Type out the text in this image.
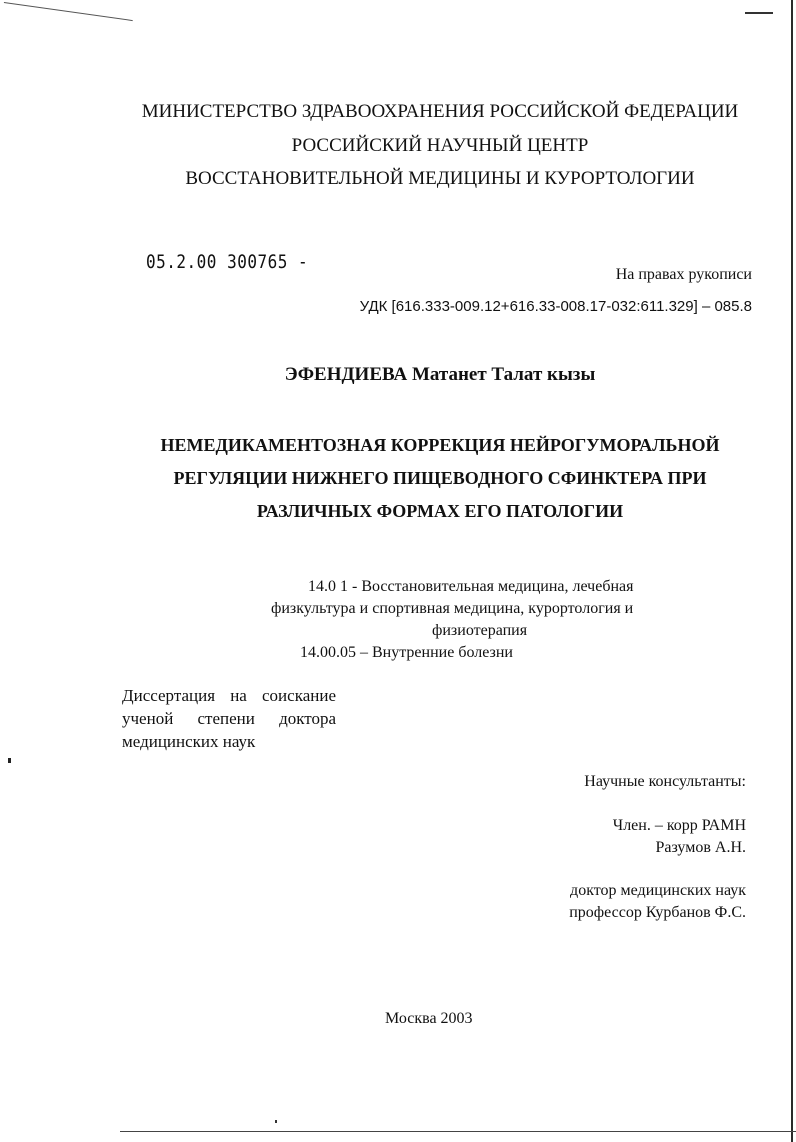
МИНИСТЕРСТВО ЗДРАВООХРАНЕНИЯ РОССИЙСКОЙ ФЕДЕРАЦИИ
РОССИЙСКИЙ НАУЧНЫЙ ЦЕНТР
ВОССТАНОВИТЕЛЬНОЙ МЕДИЦИНЫ И КУРОРТОЛОГИИ
05.2.00 300765 -
На правах рукописи
УДК [616.333-009.12+616.33-008.17-032:611.329] – 085.8
ЭФЕНДИЕВА Матанет Талат кызы
НЕМЕДИКАМЕНТОЗНАЯ КОРРЕКЦИЯ НЕЙРОГУМОРАЛЬНОЙ
РЕГУЛЯЦИИ НИЖНЕГО ПИЩЕВОДНОГО СФИНКТЕРА ПРИ
РАЗЛИЧНЫХ ФОРМАХ ЕГО ПАТОЛОГИИ
14.0 1 - Восстановительная медицина, лечебная
физкультура и спортивная медицина, курортология и
физиотерапия
14.00.05 – Внутренние болезни
Диссертация на соискание
ученой степени доктора
медицинских наук
Научные консультанты:
Член. – корр РАМН
Разумов А.Н.
доктор медицинских наук
профессор Курбанов Ф.С.
Москва 2003
